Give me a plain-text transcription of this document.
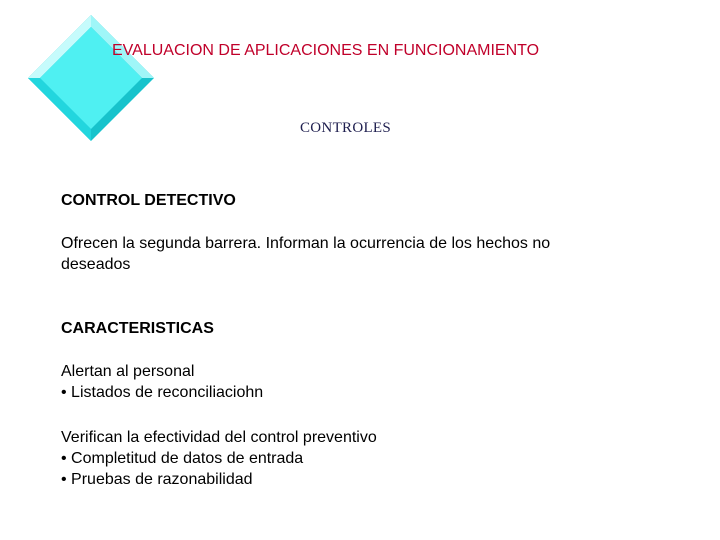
EVALUACION DE APLICACIONES EN FUNCIONAMIENTO
CONTROLES
CONTROL DETECTIVO
Ofrecen la segunda barrera. Informan la ocurrencia de los hechos no
deseados
CARACTERISTICAS
Alertan al personal
• Listados de reconciliaciohn
Verifican la efectividad del control preventivo
• Completitud de datos de entrada
• Pruebas de razonabilidad
